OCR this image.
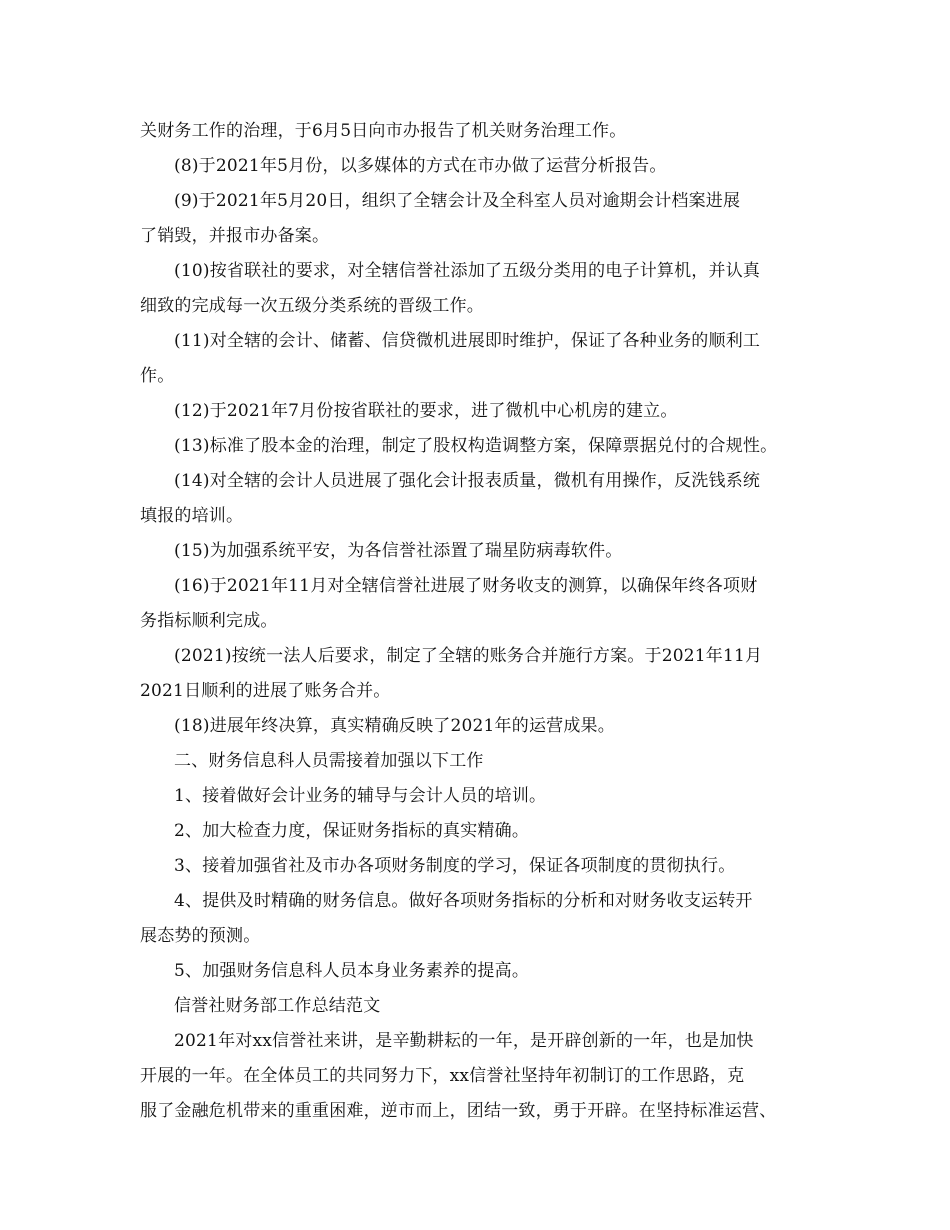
关财务工作的治理，于6月5日向市办报告了机关财务治理工作。
(8)于2021年5月份，以多媒体的方式在市办做了运营分析报告。
(9)于2021年5月20日，组织了全辖会计及全科室人员对逾期会计档案进展
了销毁，并报市办备案。
(10)按省联社的要求，对全辖信誉社添加了五级分类用的电子计算机，并认真
细致的完成每一次五级分类系统的晋级工作。
(11)对全辖的会计、储蓄、信贷微机进展即时维护，保证了各种业务的顺利工
作。
(12)于2021年7月份按省联社的要求，进了微机中心机房的建立。
(13)标准了股本金的治理，制定了股权构造调整方案，保障票据兑付的合规性。
(14)对全辖的会计人员进展了强化会计报表质量，微机有用操作，反洗钱系统
填报的培训。
(15)为加强系统平安，为各信誉社添置了瑞星防病毒软件。
(16)于2021年11月对全辖信誉社进展了财务收支的测算，以确保年终各项财
务指标顺利完成。
(2021)按统一法人后要求，制定了全辖的账务合并施行方案。于2021年11月
2021日顺利的进展了账务合并。
(18)进展年终决算，真实精确反映了2021年的运营成果。
二、财务信息科人员需接着加强以下工作
1、接着做好会计业务的辅导与会计人员的培训。
2、加大检查力度，保证财务指标的真实精确。
3、接着加强省社及市办各项财务制度的学习，保证各项制度的贯彻执行。
4、提供及时精确的财务信息。做好各项财务指标的分析和对财务收支运转开
展态势的预测。
5、加强财务信息科人员本身业务素养的提高。
信誉社财务部工作总结范文
2021年对xx信誉社来讲，是辛勤耕耘的一年，是开辟创新的一年，也是加快
开展的一年。在全体员工的共同努力下，xx信誉社坚持年初制订的工作思路，克
服了金融危机带来的重重困难，逆市而上，团结一致，勇于开辟。在坚持标准运营、
